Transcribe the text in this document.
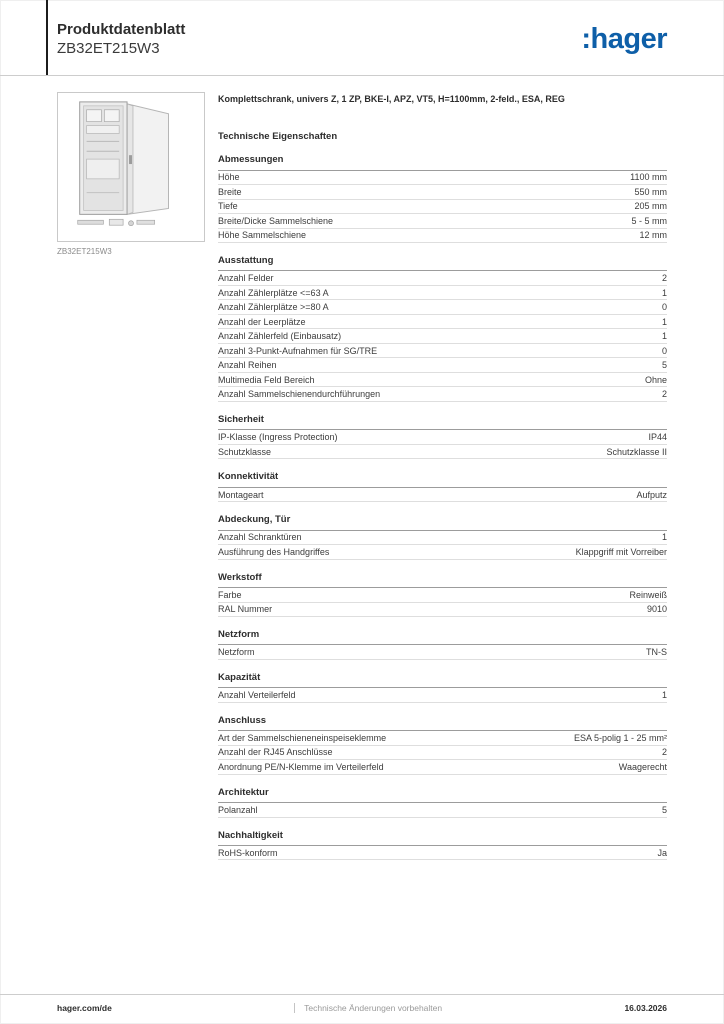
Produktdatenblatt
ZB32ET215W3	:hager
ZB32ET215W3
Komplettschrank, univers Z, 1 ZP, BKE-I, APZ, VT5, H=1100mm, 2-feld., ESA, REG
Technische Eigenschaften
Abmessungen
Höhe	1100 mm
Breite	550 mm
Tiefe	205 mm
Breite/Dicke Sammelschiene	5 - 5 mm
Höhe Sammelschiene	12 mm
Ausstattung
Anzahl Felder	2
Anzahl Zählerplätze <=63 A	1
Anzahl Zählerplätze >=80 A	0
Anzahl der Leerplätze	1
Anzahl Zählerfeld (Einbausatz)	1
Anzahl 3-Punkt-Aufnahmen für SG/TRE	0
Anzahl Reihen	5
Multimedia Feld Bereich	Ohne
Anzahl Sammelschienendurchführungen	2
Sicherheit
IP-Klasse (Ingress Protection)	IP44
Schutzklasse	Schutzklasse II
Konnektivität
Montageart	Aufputz
Abdeckung, Tür
Anzahl Schranktüren	1
Ausführung des Handgriffes	Klappgriff mit Vorreiber
Werkstoff
Farbe	Reinweiß
RAL Nummer	9010
Netzform
Netzform	TN-S
Kapazität
Anzahl Verteilerfeld	1
Anschluss
Art der Sammelschieneneinspeiseklemme	ESA 5-polig 1 - 25 mm²
Anzahl der RJ45 Anschlüsse	2
Anordnung PE/N-Klemme im Verteilerfeld	Waagerecht
Architektur
Polanzahl	5
Nachhaltigkeit
RoHS-konform	Ja
hager.com/de	Technische Änderungen vorbehalten	16.03.2026
